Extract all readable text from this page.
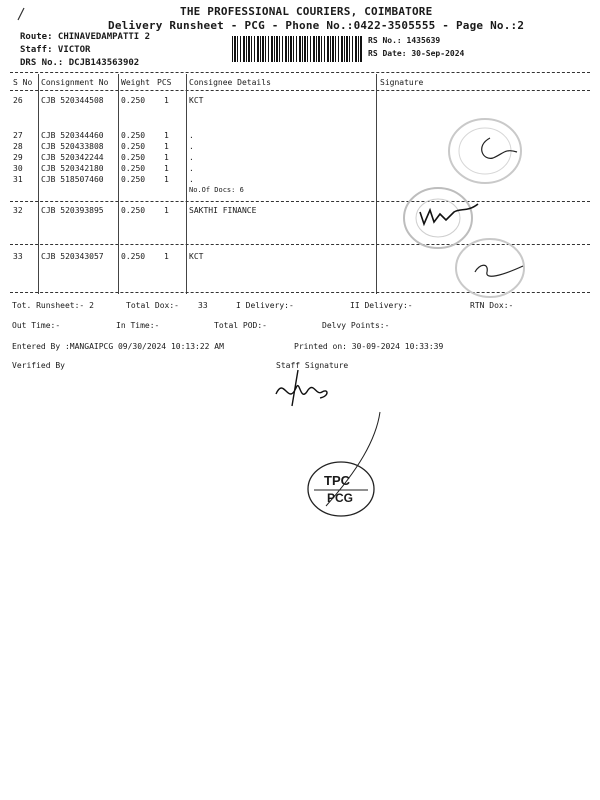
THE PROFESSIONAL COURIERS, COIMBATORE
Delivery Runsheet - PCG - Phone No.:0422-3505555 - Page No.:2
Route: CHINAVEDAMPATTI 2
Staff: VICTOR
DRS No.: DCJB143563902
RS No.: 1435639
RS Date: 30-Sep-2024
S No Consignment No Weight PCS Consignee Details	Signature
26 CJB 520344508 0.250 1	KCT
27 CJB 520344460 0.250 1	.
28 CJB 520433808 0.250 1	.
29 CJB 520342244 0.250 1	.
30 CJB 520342180 0.250 1	.
31 CJB 518507460 0.250 1	.
No.Of Docs: 6
32 CJB 520393895 0.250 1	SAKTHI FINANCE
33 CJB 520343057 0.250 1	KCT
Tot. Runsheet:- 2	Total Dox:- 33	I Delivery:-	II Delivery:-	RTN Dox:-
Out Time:-	In Time:-	Total POD:-	Delvy Points:-
Entered By :MANGAIPCG 09/30/2024 10:13:22 AM	Printed on: 30-09-2024 10:33:39
Verified By	Staff Signature
TPC
PCG
